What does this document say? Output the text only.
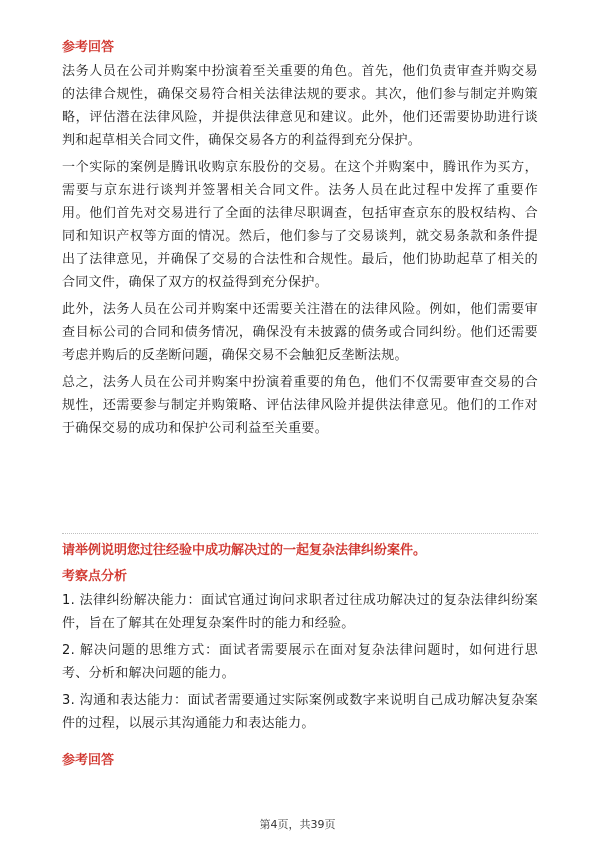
参考回答

法务人员在公司并购案中扮演着至关重要的角色。首先，他们负责审查并购交易的法律合规性，确保交易符合相关法律法规的要求。其次，他们参与制定并购策略，评估潜在法律风险，并提供法律意见和建议。此外，他们还需要协助进行谈判和起草相关合同文件，确保交易各方的利益得到充分保护。

一个实际的案例是腾讯收购京东股份的交易。在这个并购案中，腾讯作为买方，需要与京东进行谈判并签署相关合同文件。法务人员在此过程中发挥了重要作用。他们首先对交易进行了全面的法律尽职调查，包括审查京东的股权结构、合同和知识产权等方面的情况。然后，他们参与了交易谈判，就交易条款和条件提出了法律意见，并确保了交易的合法性和合规性。最后，他们协助起草了相关的合同文件，确保了双方的权益得到充分保护。

此外，法务人员在公司并购案中还需要关注潜在的法律风险。例如，他们需要审查目标公司的合同和债务情况，确保没有未披露的债务或合同纠纷。他们还需要考虑并购后的反垄断问题，确保交易不会触犯反垄断法规。

总之，法务人员在公司并购案中扮演着重要的角色，他们不仅需要审查交易的合规性，还需要参与制定并购策略、评估法律风险并提供法律意见。他们的工作对于确保交易的成功和保护公司利益至关重要。

请举例说明您过往经验中成功解决过的一起复杂法律纠纷案件。

考察点分析

1. 法律纠纷解决能力：面试官通过询问求职者过往成功解决过的复杂法律纠纷案件，旨在了解其在处理复杂案件时的能力和经验。

2. 解决问题的思维方式：面试者需要展示在面对复杂法律问题时，如何进行思考、分析和解决问题的能力。

3. 沟通和表达能力：面试者需要通过实际案例或数字来说明自己成功解决复杂案件的过程，以展示其沟通能力和表达能力。

参考回答

第4页，共39页
